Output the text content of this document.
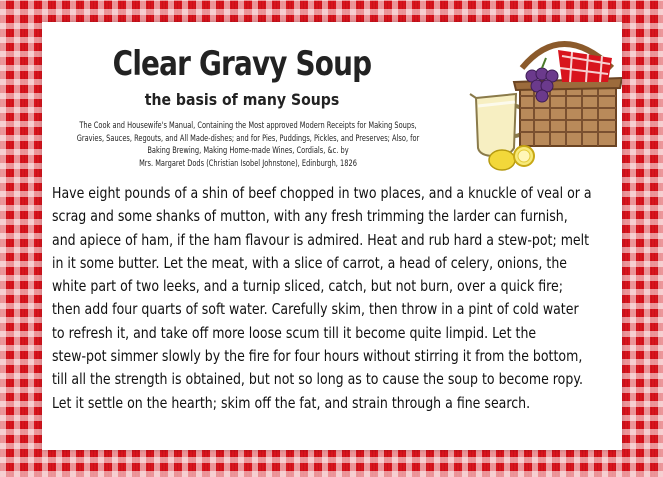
Clear Gravy Soup
the basis of many Soups
The Cook and Housewife's Manual, Containing the Most approved Modern Receipts for Making Soups,
Gravies, Sauces, Regouts, and All Made-dishes; and for Pies, Puddings, Pickles, and Preserves; Also, for
Baking Brewing, Making Home-made Wines, Cordials, &c. by
Mrs. Margaret Dods (Christian Isobel Johnstone), Edinburgh, 1826
Have eight pounds of a shin of beef chopped in two places, and a knuckle of veal or a
scrag and some shanks of mutton, with any fresh trimming the larder can furnish,
and apiece of ham, if the ham flavour is admired. Heat and rub hard a stew-pot; melt
in it some butter. Let the meat, with a slice of carrot, a head of celery, onions, the
white part of two leeks, and a turnip sliced, catch, but not burn, over a quick fire;
then add four quarts of soft water. Carefully skim, then throw in a pint of cold water
to refresh it, and take off more loose scum till it become quite limpid. Let the
stew-pot simmer slowly by the fire for four hours without stirring it from the bottom,
till all the strength is obtained, but not so long as to cause the soup to become ropy.
Let it settle on the hearth; skim off the fat, and strain through a fine search.
